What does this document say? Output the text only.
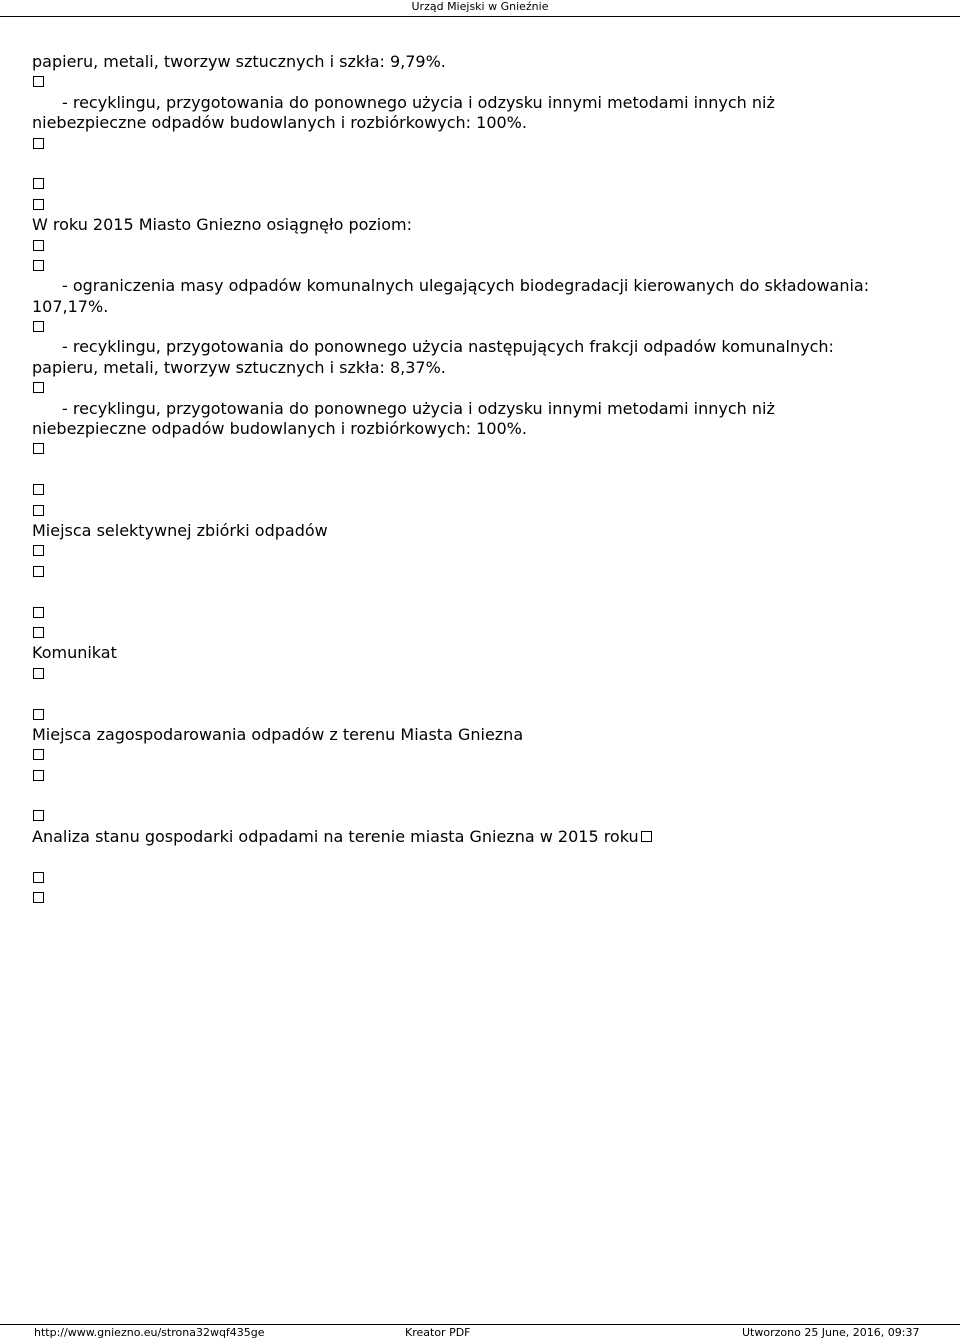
Urząd Miejski w Gnieźnie
papieru, metali, tworzyw sztucznych i szkła: 9,79%.
- recyklingu, przygotowania do ponownego użycia i odzysku innymi metodami innych niż
niebezpieczne odpadów budowlanych i rozbiórkowych: 100%.
W roku 2015 Miasto Gniezno osiągnęło poziom:
- ograniczenia masy odpadów komunalnych ulegających biodegradacji kierowanych do składowania:
107,17%.
- recyklingu, przygotowania do ponownego użycia następujących frakcji odpadów komunalnych:
papieru, metali, tworzyw sztucznych i szkła: 8,37%.
- recyklingu, przygotowania do ponownego użycia i odzysku innymi metodami innych niż
niebezpieczne odpadów budowlanych i rozbiórkowych: 100%.
Miejsca selektywnej zbiórki odpadów
Komunikat
Miejsca zagospodarowania odpadów z terenu Miasta Gniezna
Analiza stanu gospodarki odpadami na terenie miasta Gniezna w 2015 roku
http://www.gniezno.eu/strona32wqf435ge	Kreator PDF	Utworzono 25 June, 2016, 09:37
